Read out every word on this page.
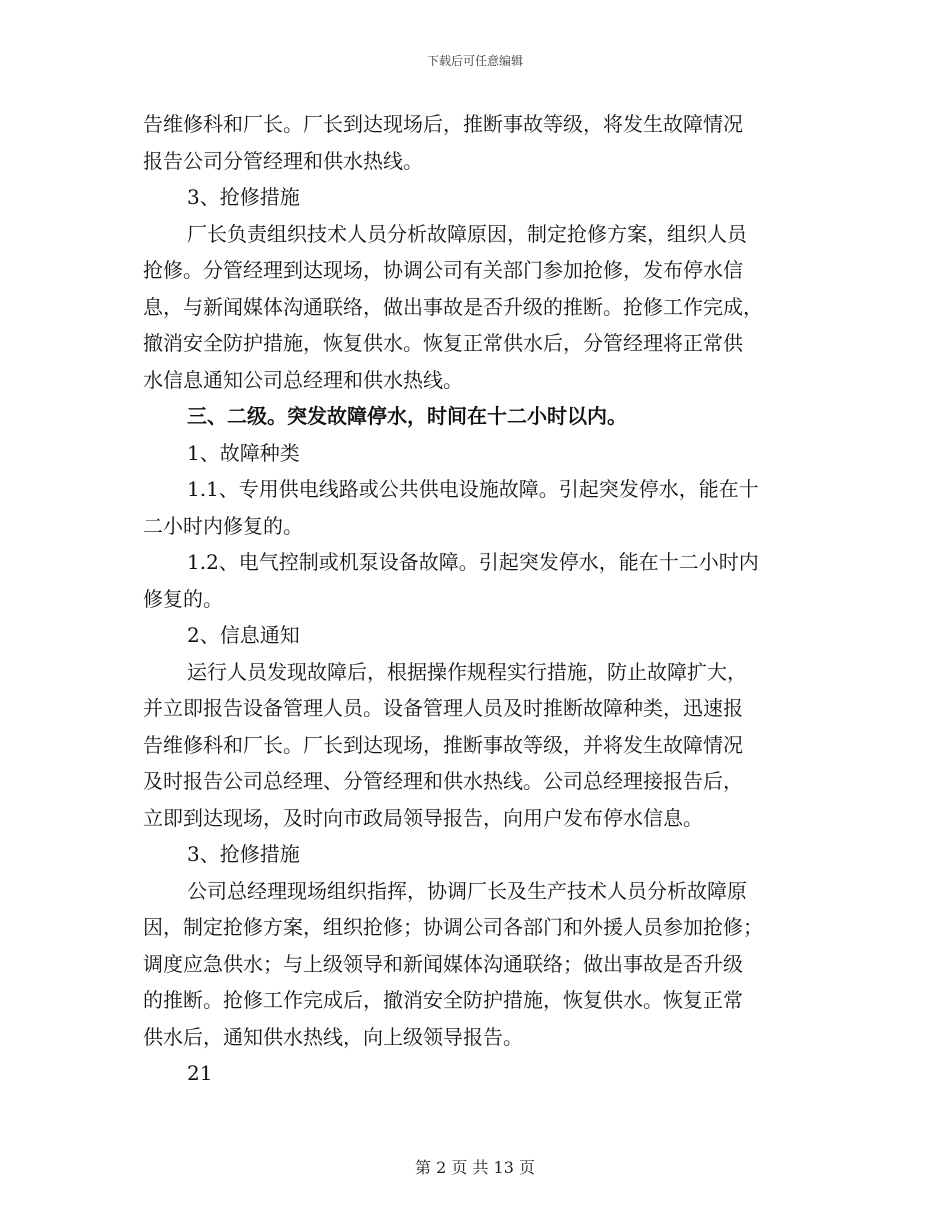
下载后可任意编辑
告维修科和厂长。厂长到达现场后，推断事故等级，将发生故障情况
报告公司分管经理和供水热线。
3、抢修措施
厂长负责组织技术人员分析故障原因，制定抢修方案，组织人员
抢修。分管经理到达现场，协调公司有关部门参加抢修，发布停水信
息，与新闻媒体沟通联络，做出事故是否升级的推断。抢修工作完成，
撤消安全防护措施，恢复供水。恢复正常供水后，分管经理将正常供
水信息通知公司总经理和供水热线。
三、二级。突发故障停水，时间在十二小时以内。
1、故障种类
1.1、专用供电线路或公共供电设施故障。引起突发停水，能在十
二小时内修复的。
1.2、电气控制或机泵设备故障。引起突发停水，能在十二小时内
修复的。
2、信息通知
运行人员发现故障后，根据操作规程实行措施，防止故障扩大，
并立即报告设备管理人员。设备管理人员及时推断故障种类，迅速报
告维修科和厂长。厂长到达现场，推断事故等级，并将发生故障情况
及时报告公司总经理、分管经理和供水热线。公司总经理接报告后，
立即到达现场，及时向市政局领导报告，向用户发布停水信息。
3、抢修措施
公司总经理现场组织指挥，协调厂长及生产技术人员分析故障原
因，制定抢修方案，组织抢修；协调公司各部门和外援人员参加抢修；
调度应急供水；与上级领导和新闻媒体沟通联络；做出事故是否升级
的推断。抢修工作完成后，撤消安全防护措施，恢复供水。恢复正常
供水后，通知供水热线，向上级领导报告。
21
第 2 页 共 13 页
